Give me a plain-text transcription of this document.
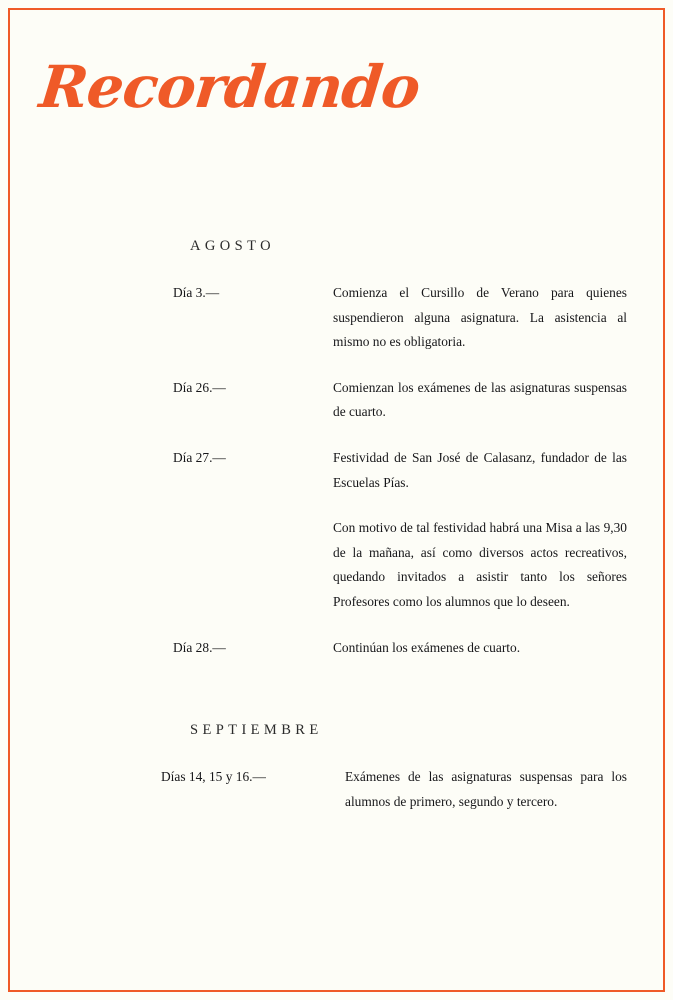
Recordando
AGOSTO
Día 3.—	Comienza el Cursillo de Verano para quienes suspendieron alguna asignatura. La asistencia al mismo no es obligatoria.
Día 26.—	Comienzan los exámenes de las asignaturas suspensas de cuarto.
Día 27.—	Festividad de San José de Calasanz, fundador de las Escuelas Pías.
Con motivo de tal festividad habrá una Misa a las 9,30 de la mañana, así como diversos actos recreativos, quedando invitados a asistir tanto los señores Profesores como los alumnos que lo deseen.
Día 28.—	Continúan los exámenes de cuarto.
SEPTIEMBRE
Días 14, 15 y 16.—	Exámenes de las asignaturas suspensas para los alumnos de primero, segundo y tercero.
